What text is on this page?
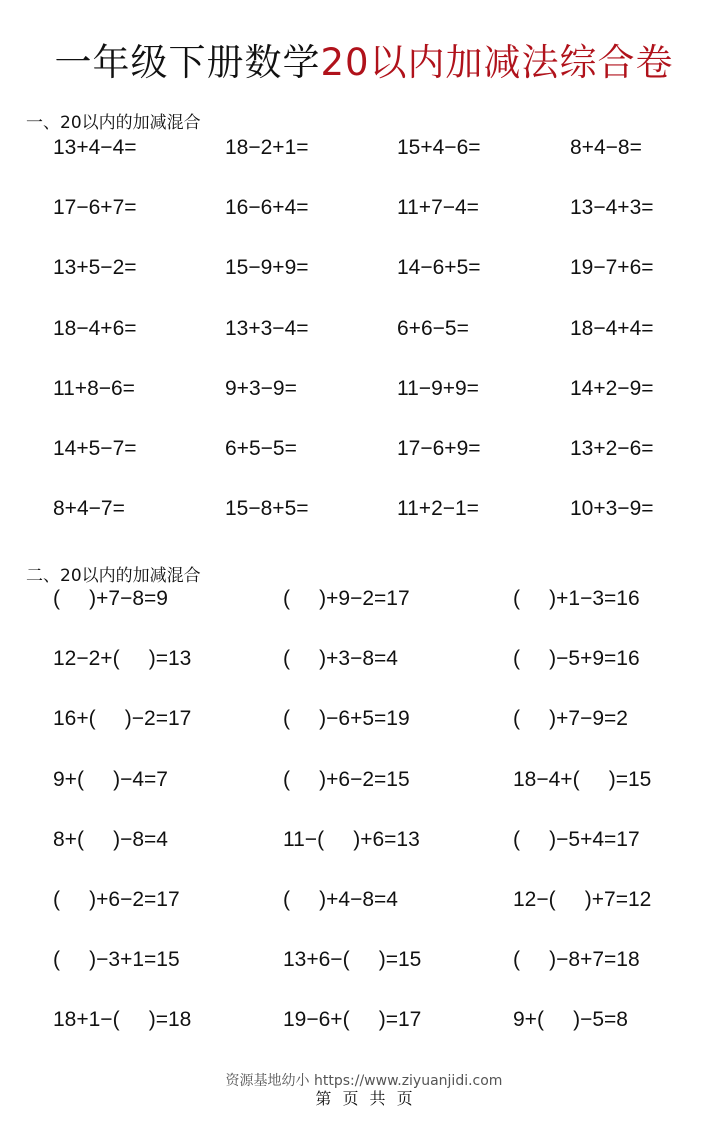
一年级下册数学20以内加减法综合卷
一、20以内的加减混合
13+4−4=	18−2+1=	15+4−6=	8+4−8=
17−6+7=	16−6+4=	11+7−4=	13−4+3=
13+5−2=	15−9+9=	14−6+5=	19−7+6=
18−4+6=	13+3−4=	6+6−5=	18−4+4=
11+8−6=	9+3−9=	11−9+9=	14+2−9=
14+5−7=	6+5−5=	17−6+9=	13+2−6=
8+4−7=	15−8+5=	11+2−1=	10+3−9=
二、20以内的加减混合
(     )+7−8=9	(     )+9−2=17	(     )+1−3=16
12−2+(     )=13	(     )+3−8=4	(     )−5+9=16
16+(     )−2=17	(     )−6+5=19	(     )+7−9=2
9+(     )−4=7	(     )+6−2=15	18−4+(     )=15
8+(     )−8=4	11−(     )+6=13	(     )−5+4=17
(     )+6−2=17	(     )+4−8=4	12−(     )+7=12
(     )−3+1=15	13+6−(     )=15	(     )−8+7=18
18+1−(     )=18	19−6+(     )=17	9+(     )−5=8
资源基地幼小 https://www.ziyuanjidi.com
第 页 共 页
